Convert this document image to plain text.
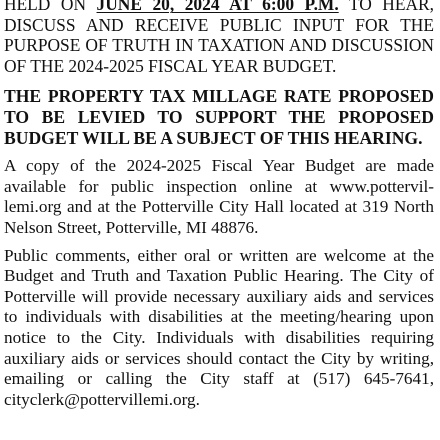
HELD ON JUNE 20, 2024 AT 6:00 P.M. TO HEAR, DISCUSS AND RECEIVE PUBLIC INPUT FOR THE PURPOSE OF TRUTH IN TAXATION AND DISCUSSION OF THE 2024-2025 FISCAL YEAR BUDGET.

THE PROPERTY TAX MILLAGE RATE PROPOSED TO BE LEVIED TO SUPPORT THE PROPOSED BUDGET WILL BE A SUBJECT OF THIS HEARING.

A copy of the 2024-2025 Fiscal Year Budget are made available for public inspection online at www.pottervillemi.org and at the Potterville City Hall located at 319 North Nelson Street, Potterville, MI 48876.

Public comments, either oral or written are welcome at the Budget and Truth and Taxation Public Hearing. The City of Potterville will provide necessary auxiliary aids and services to individuals with disabilities at the meeting/hearing upon notice to the City. Individuals with disabilities requiring auxiliary aids or services should contact the City by writing, emailing or calling the City staff at (517) 645-7641, cityclerk@pottervillemi.org.
